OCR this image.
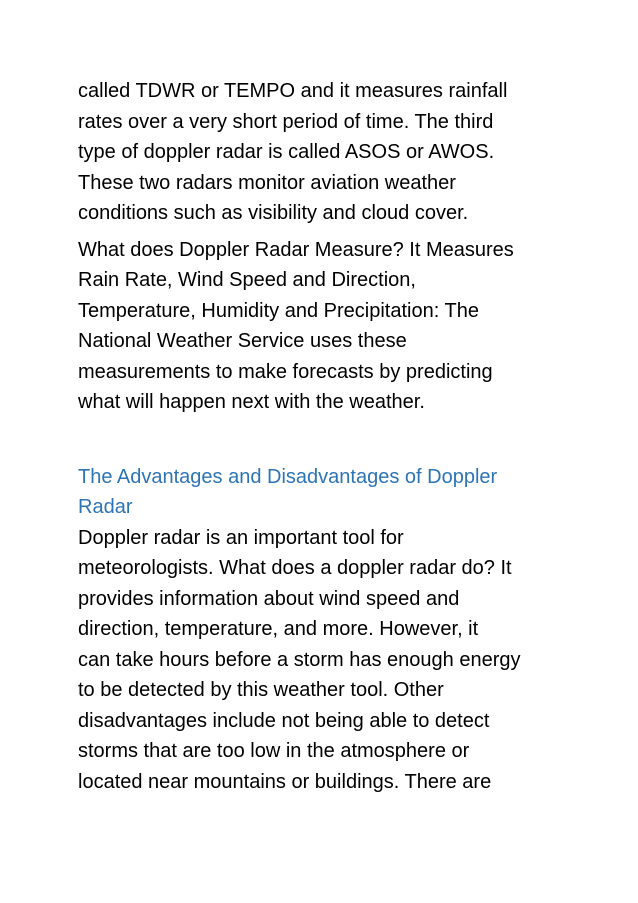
called TDWR or TEMPO and it measures rainfall
rates over a very short period of time. The third
type of doppler radar is called ASOS or AWOS.
These two radars monitor aviation weather
conditions such as visibility and cloud cover.

What does Doppler Radar Measure? It Measures
Rain Rate, Wind Speed and Direction,
Temperature, Humidity and Precipitation: The
National Weather Service uses these
measurements to make forecasts by predicting
what will happen next with the weather.

The Advantages and Disadvantages of Doppler
Radar

Doppler radar is an important tool for
meteorologists. What does a doppler radar do? It
provides information about wind speed and
direction, temperature, and more. However, it
can take hours before a storm has enough energy
to be detected by this weather tool. Other
disadvantages include not being able to detect
storms that are too low in the atmosphere or
located near mountains or buildings. There are
